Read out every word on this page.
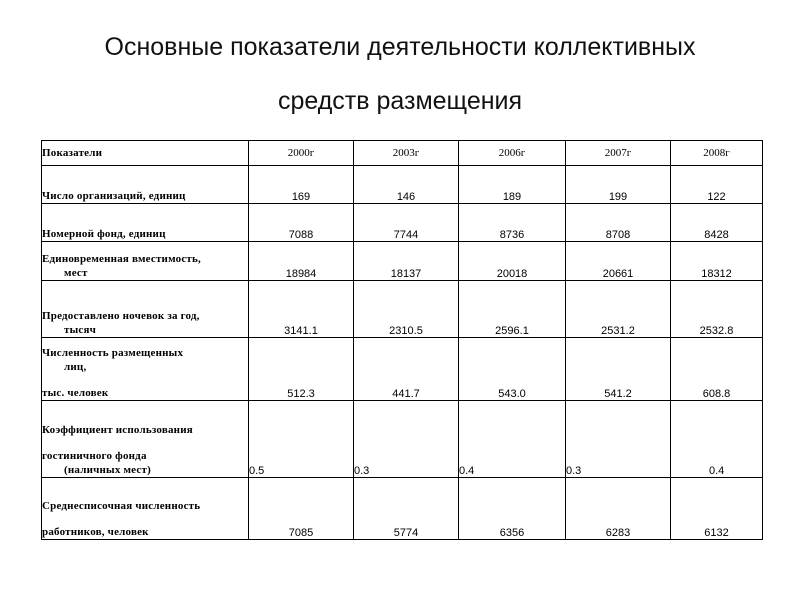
Основные показатели деятельности коллективных
средств размещения
Показатели	2000г	2003г	2006г	2007г	2008г

Число организаций, единиц	169	146	189	199	122

Номерной фонд, единиц	7088	7744	8736	8708	8428

Единовременная вместимость,
мест	18984	18137	20018	20661	18312

Предоставлено ночевок за год,
тысяч	3141.1	2310.5	2596.1	2531.2	2532.8

Численность размещенных
лиц,
тыс. человек	512.3	441.7	543.0	541.2	608.8

Коэффициент использования
гостиничного фонда
(наличных мест)	0.5	0.3	0.4	0.3	0.4

Среднесписочная численность
работников, человек	7085	5774	6356	6283	6132
